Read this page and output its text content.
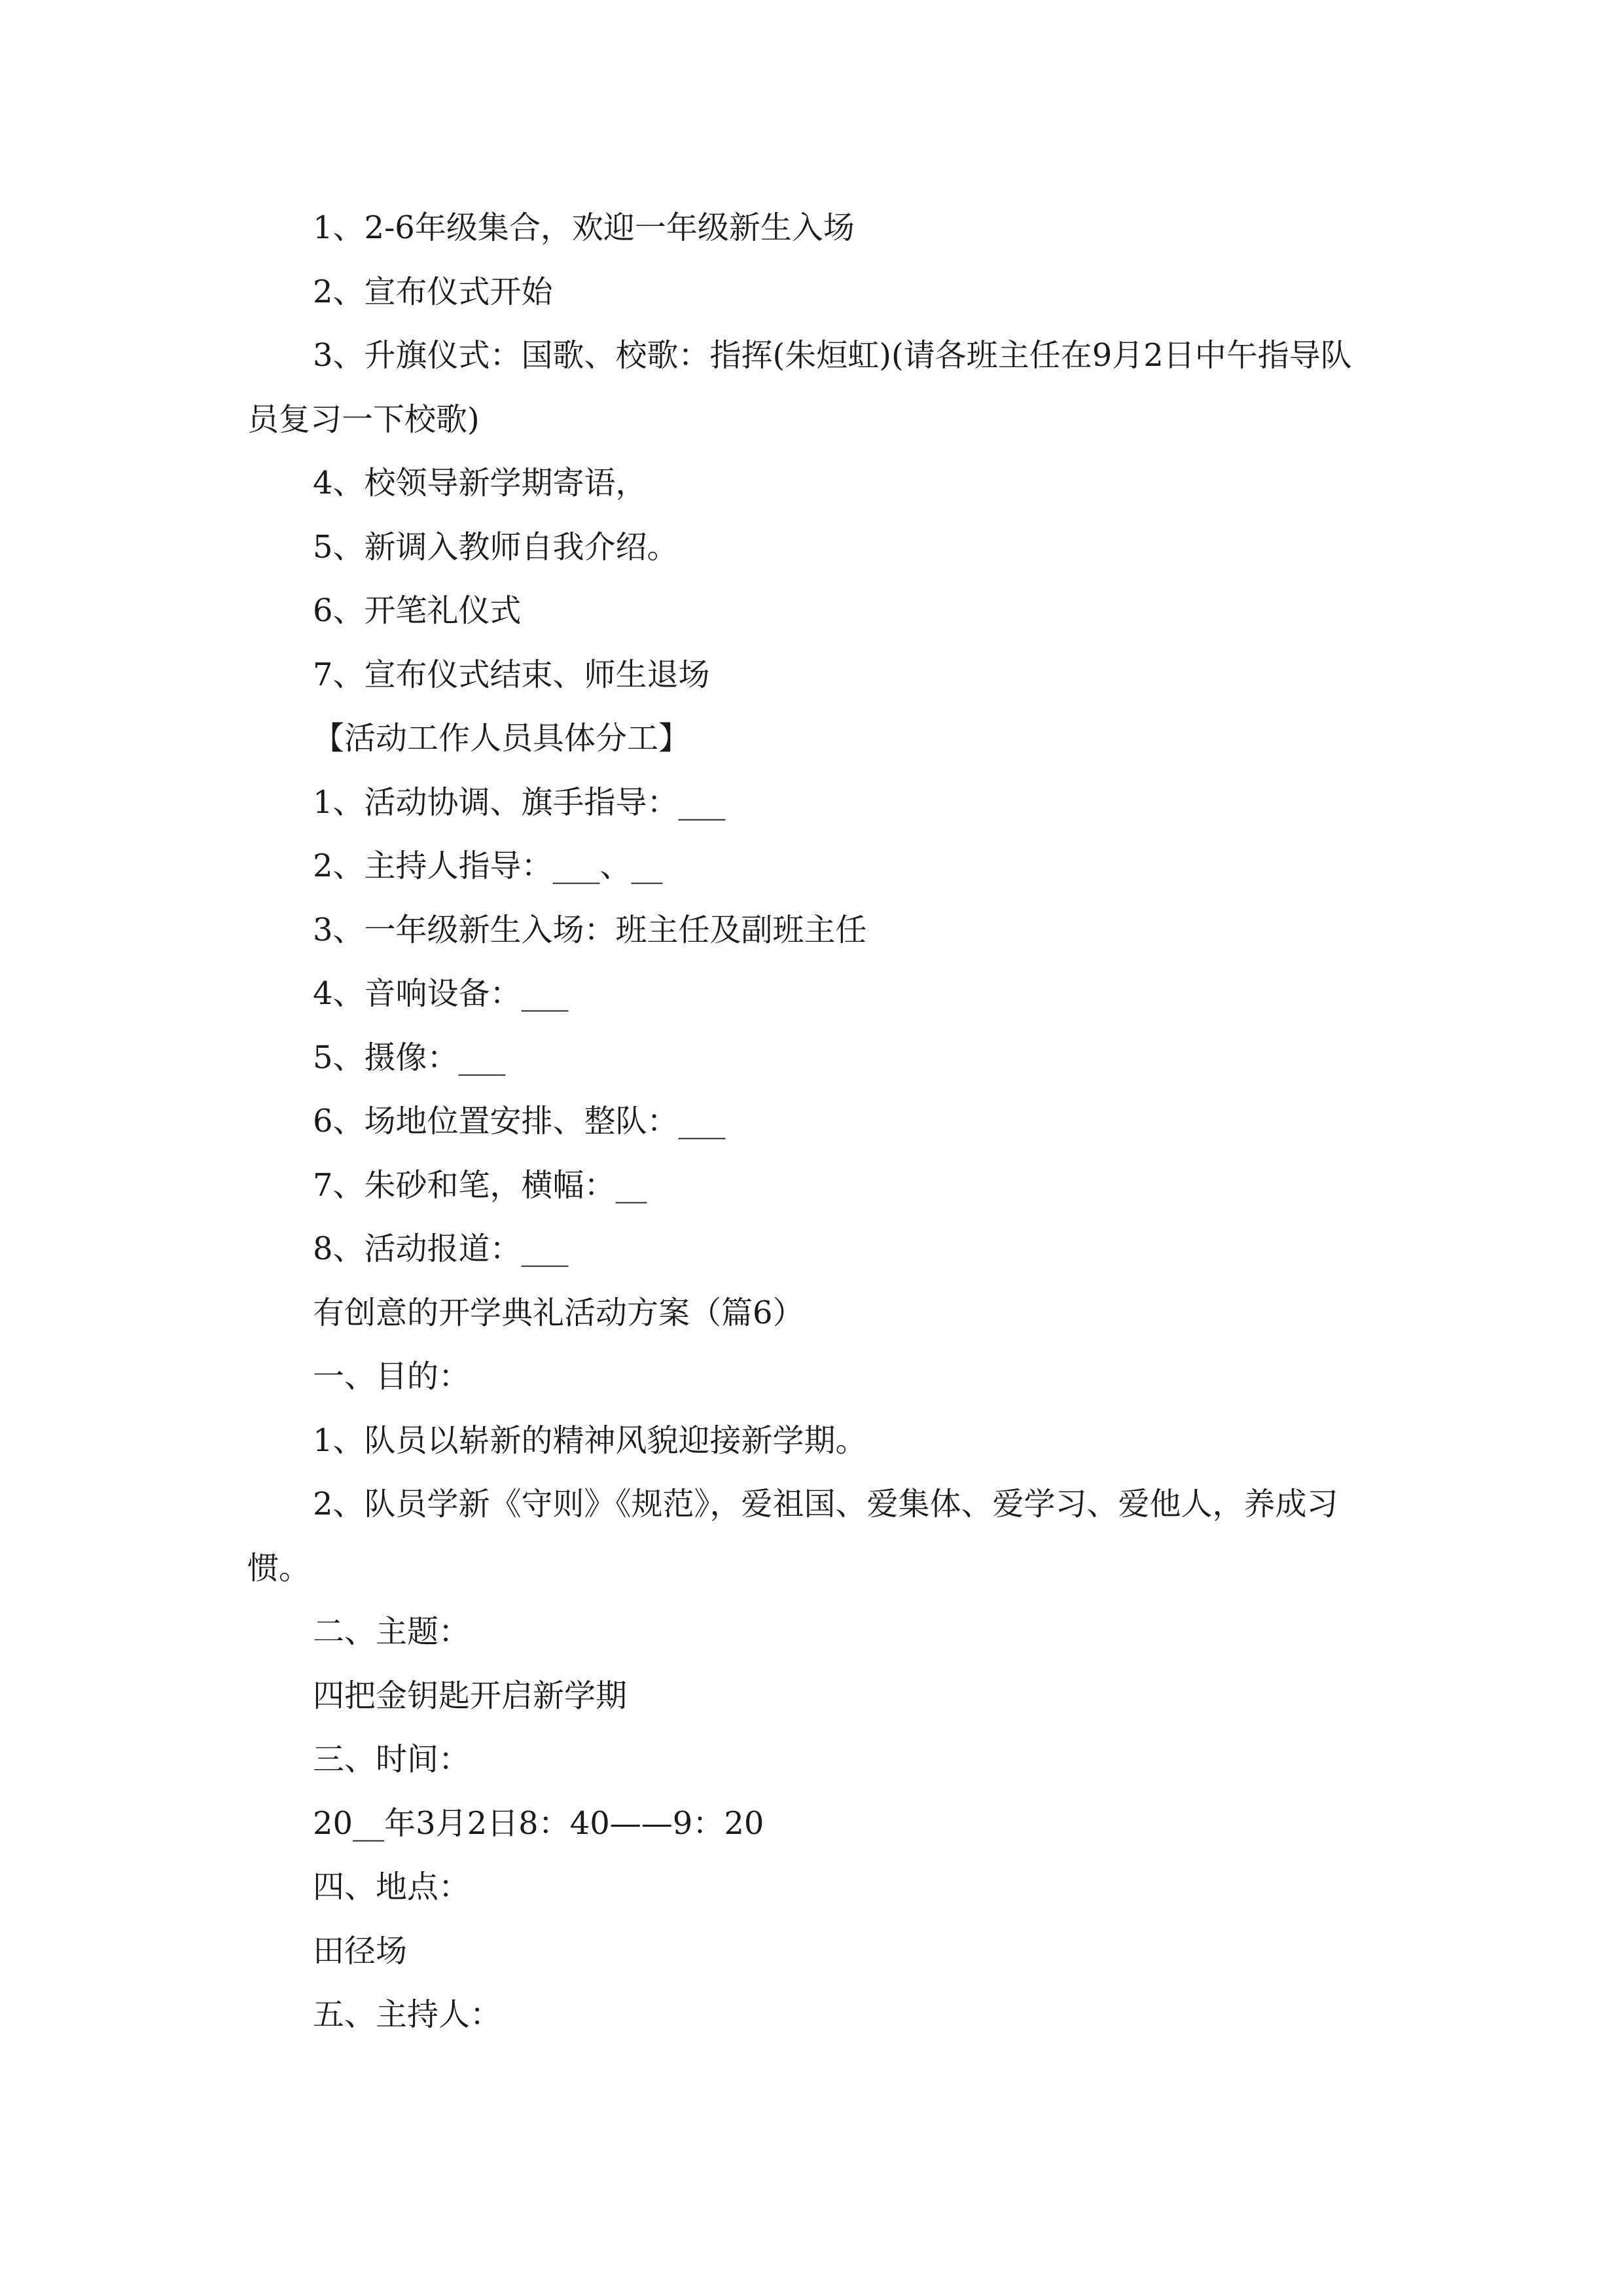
1、2-6年级集合，欢迎一年级新生入场

2、宣布仪式开始

3、升旗仪式：国歌、校歌：指挥(朱烜虹)(请各班主任在9月2日中午指导队员复习一下校歌)

4、校领导新学期寄语，

5、新调入教师自我介绍。

6、开笔礼仪式

7、宣布仪式结束、师生退场

【活动工作人员具体分工】

1、活动协调、旗手指导：___

2、主持人指导：___、__

3、一年级新生入场：班主任及副班主任

4、音响设备：___

5、摄像：___

6、场地位置安排、整队：___

7、朱砂和笔，横幅：__

8、活动报道：___

有创意的开学典礼活动方案（篇6）

一、目的：

1、队员以崭新的精神风貌迎接新学期。

2、队员学新《守则》《规范》，爱祖国、爱集体、爱学习、爱他人，养成习惯。

二、主题：

四把金钥匙开启新学期

三、时间：

20__年3月2日8：40——9：20

四、地点：

田径场

五、主持人：
